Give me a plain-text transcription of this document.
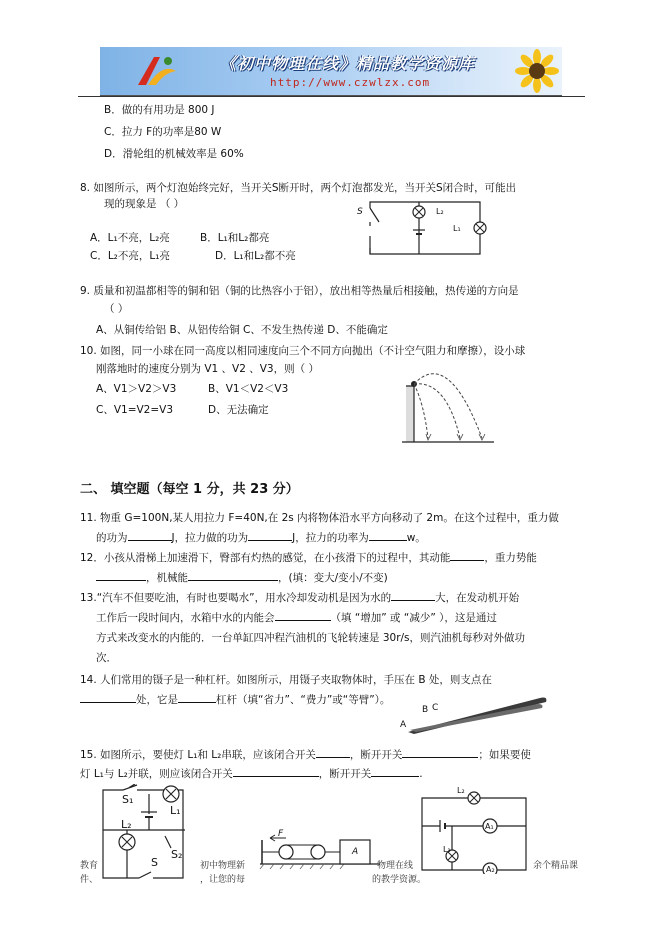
《初中物理在线》精品教学资源库
http://www.czwlzx.com
B．做的有用功是 800 J
C．拉力 F的功率是80 W
D．滑轮组的机械效率是 60%
8. 如图所示，两个灯泡始终完好，当开关S断开时，两个灯泡都发光，当开关S闭合时，可能出
现的现象是 （ ）
A．L₁不亮，L₂亮	B．L₁和L₂都亮
C．L₂不亮，L₁亮	D．L₁和L₂都不亮
S	L₂
L₁
9. 质量和初温都相等的铜和铝（铜的比热容小于铝），放出相等热量后相接触，热传递的方向是
（ ）
A、从铜传给铝 B、从铝传给铜 C、不发生热传递 D、不能确定
10. 如图，同一小球在同一高度以相同速度向三个不同方向抛出（不计空气阻力和摩擦），设小球
刚落地时的速度分别为 V1 、V2 、V3，则（ ）
A、V1＞V2＞V3	B、V1＜V2＜V3
C、V1=V2=V3	D、无法确定
二、 填空题（每空 1 分，共 23 分）
11. 物重 G=100N,某人用拉力 F=40N,在 2s 内将物体沿水平方向移动了 2m。在这个过程中，重力做
的功为	J，拉力做的功为	J，拉力的功率为	w。
12．小孩从滑梯上加速滑下，臀部有灼热的感觉，在小孩滑下的过程中，其动能	，重力势能
，机械能	，(填：变大/变小/不变)
13.“汽车不但要吃油，有时也要喝水”，用水冷却发动机是因为水的	大，在发动机开始
工作后一段时间内，水箱中水的内能会	（填 “增加” 或 “减少” ），这是通过
方式来改变水的内能的．一台单缸四冲程汽油机的飞轮转速是 30r/s，则汽油机每秒对外做功
次．
14. 人们常用的镊子是一种杠杆。如图所示，用镊子夹取物体时，手压在 B 处，则支点在
处，它是	杠杆（填“省力”、“费力”或“等臂”）。
A
B C
15. 如图所示，要使灯 L₁和 L₂串联，应该闭合开关	，断开开关	；如果要使
灯 L₁与 L₂并联，则应该闭合开关	，断开开关	.
S₁
L₁
L₂
S₂
S
F
A
L₂
A₁
L₁
A₂
教育
件、
初中物理新
，让您的每
物理在线
的教学资源。
余个精品课
